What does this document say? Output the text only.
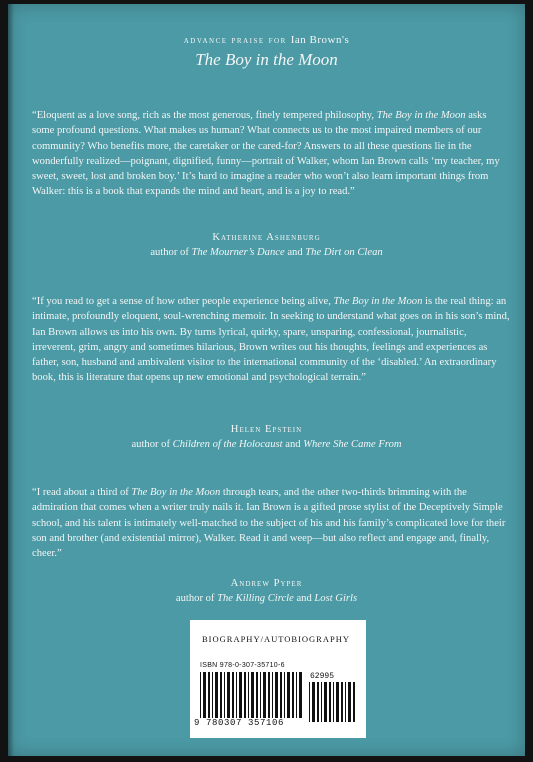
advance praise for Ian Brown's
The Boy in the Moon
“Eloquent as a love song, rich as the most generous, finely tempered philosophy, The Boy in the Moon asks some profound questions. What makes us human? What connects us to the most impaired members of our community? Who benefits more, the caretaker or the cared-for? Answers to all these questions lie in the wonderfully realized—poignant, dignified, funny—portrait of Walker, whom Ian Brown calls ‘my teacher, my sweet, sweet, lost and broken boy.’ It’s hard to imagine a reader who won’t also learn important things from Walker: this is a book that expands the mind and heart, and is a joy to read.”
Katherine Ashenburg
author of The Mourner’s Dance and The Dirt on Clean
“If you read to get a sense of how other people experience being alive, The Boy in the Moon is the real thing: an intimate, profoundly eloquent, soul-wrenching memoir. In seeking to understand what goes on in his son’s mind, Ian Brown allows us into his own. By turns lyrical, quirky, spare, unsparing, confessional, journalistic, irreverent, grim, angry and sometimes hilarious, Brown writes out his thoughts, feelings and experiences as father, son, husband and ambivalent visitor to the international community of the ‘disabled.’ An extraordinary book, this is literature that opens up new emotional and psychological terrain.”
Helen Epstein
author of Children of the Holocaust and Where She Came From
“I read about a third of The Boy in the Moon through tears, and the other two-thirds brimming with the admiration that comes when a writer truly nails it. Ian Brown is a gifted prose stylist of the Deceptively Simple school, and his talent is intimately well-matched to the subject of his and his family’s complicated love for their son and brother (and existential mirror), Walker. Read it and weep—but also reflect and engage and, finally, cheer.”
Andrew Pyper
author of The Killing Circle and Lost Girls
BIOGRAPHY/AUTOBIOGRAPHY
ISBN 978-0-307-35710-6
62995
9 780307 357106
